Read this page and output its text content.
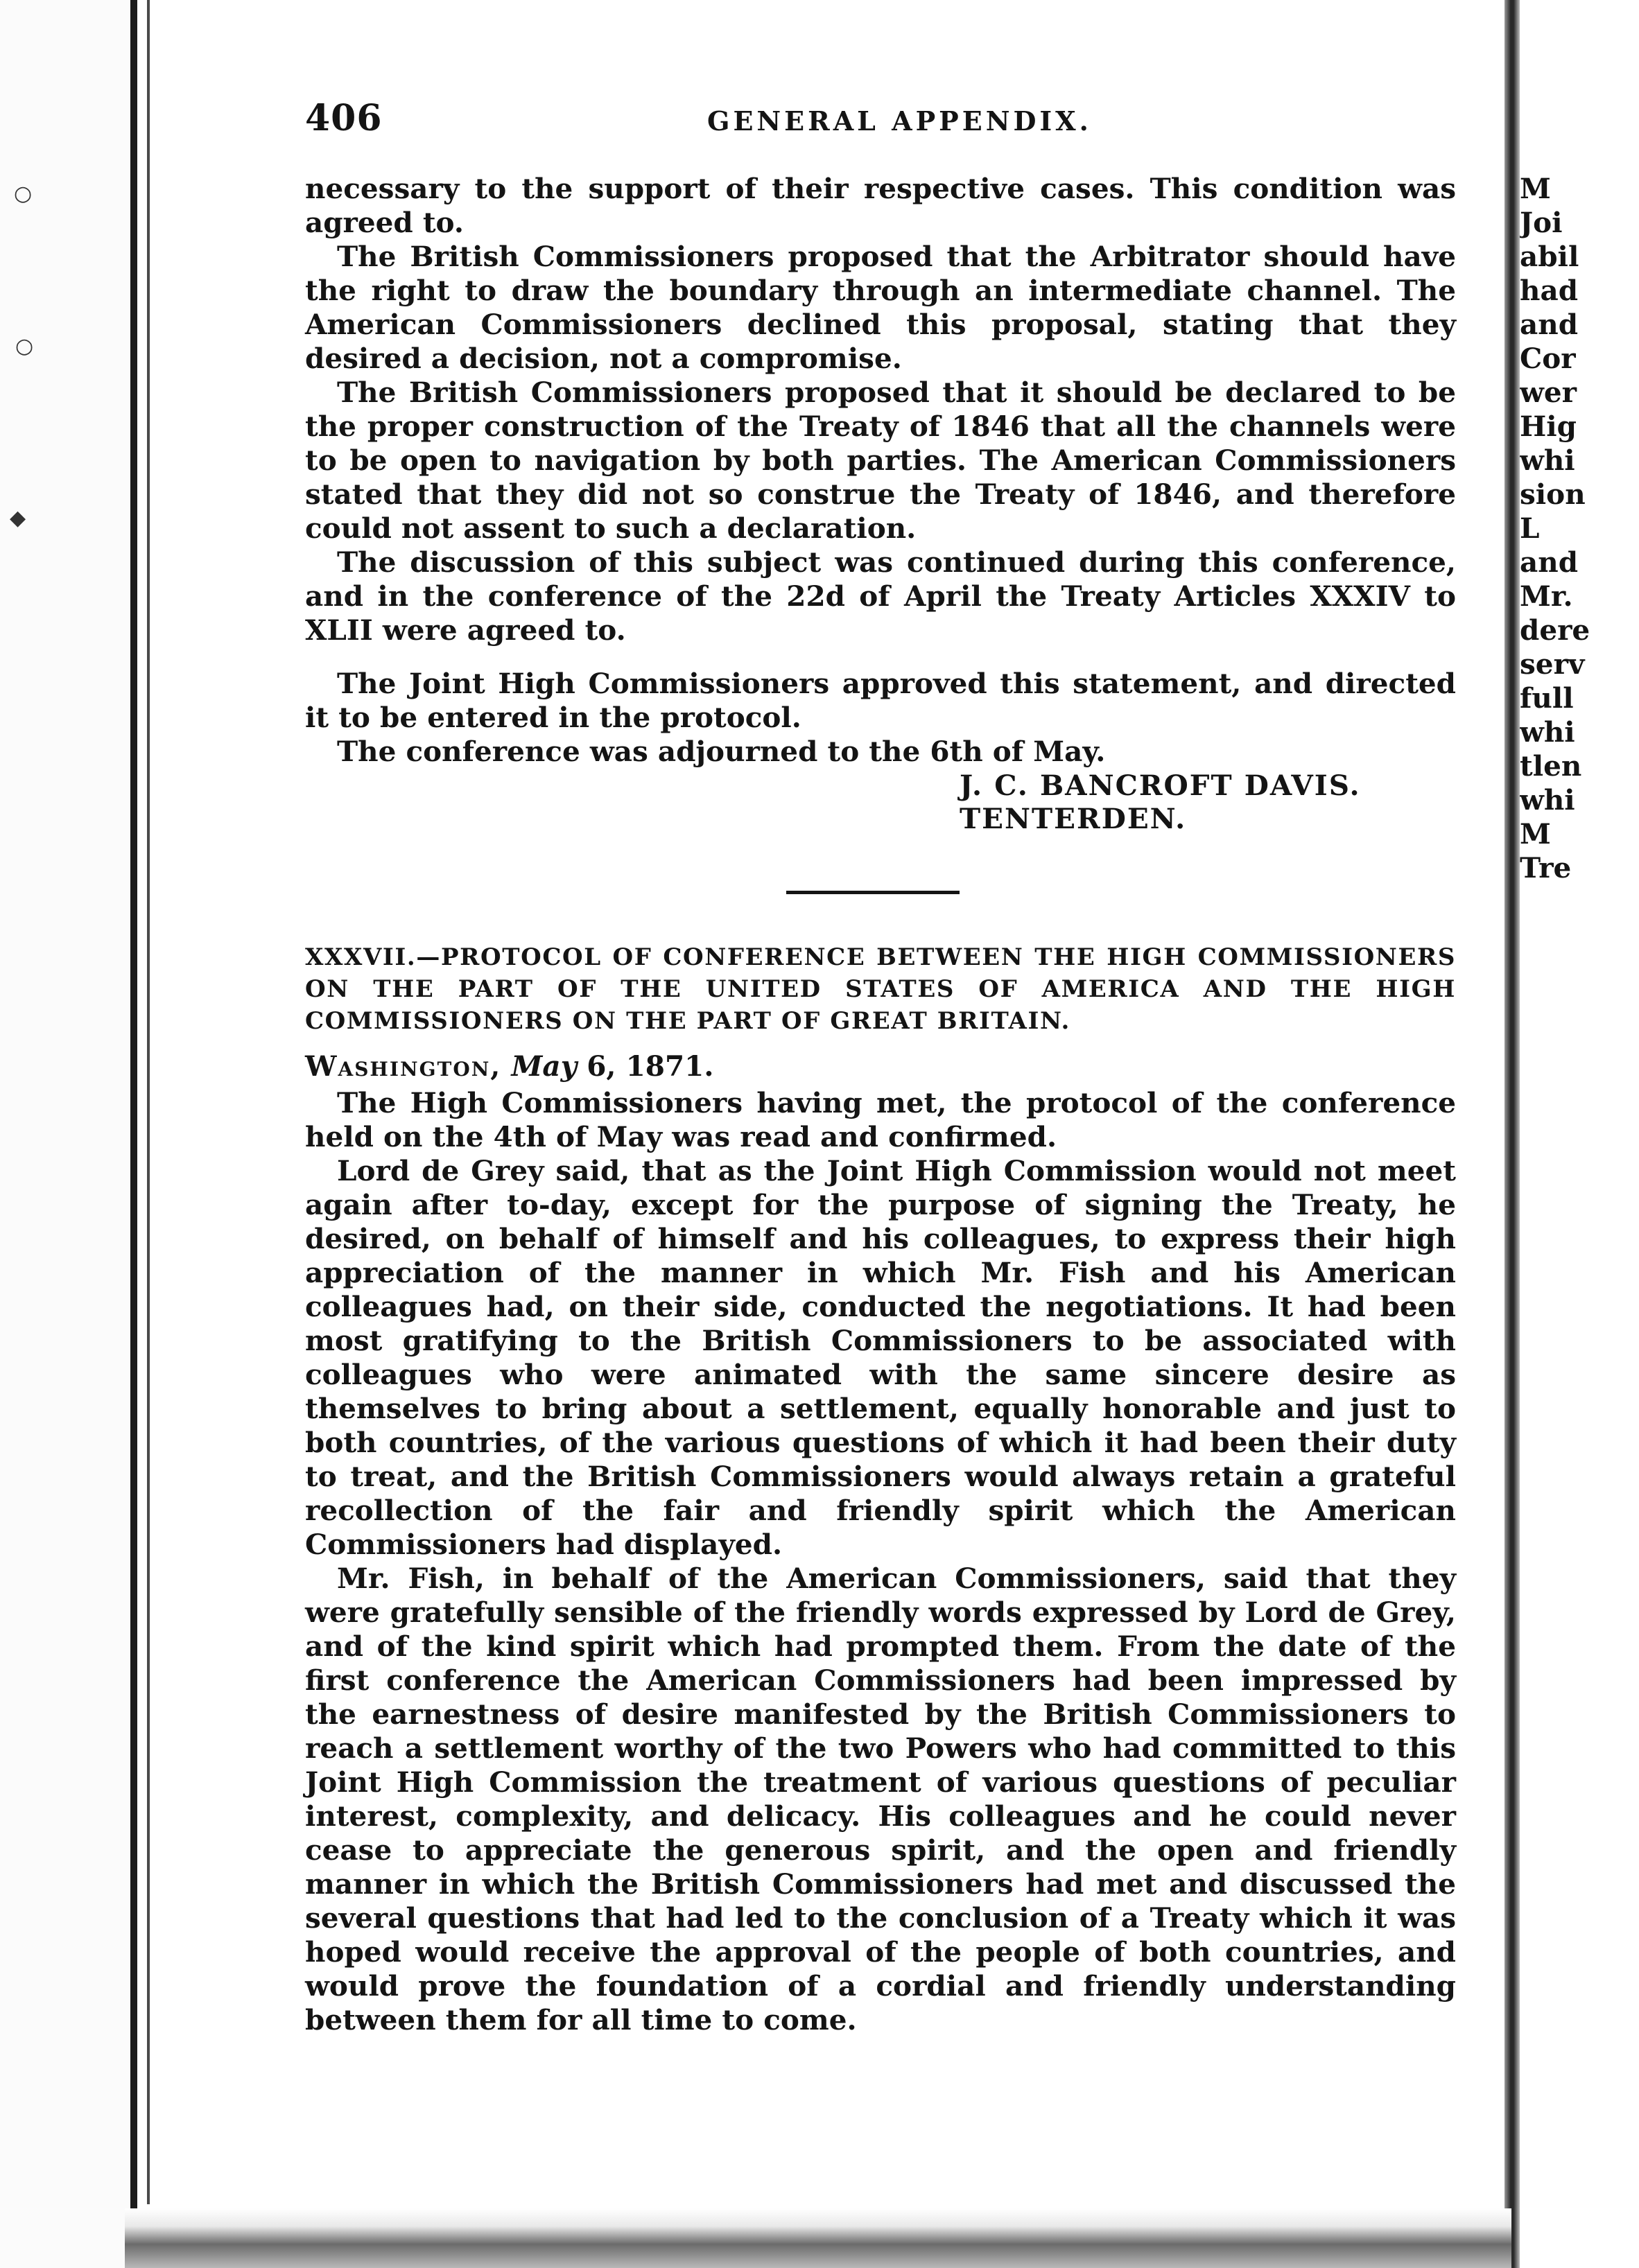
○
○
◆
406	GENERAL APPENDIX.

necessary to the support of their respective cases. This condition was agreed to.

The British Commissioners proposed that the Arbitrator should have the right to draw the boundary through an intermediate channel. The American Commissioners declined this proposal, stating that they desired a decision, not a compromise.

The British Commissioners proposed that it should be declared to be the proper construction of the Treaty of 1846 that all the channels were to be open to navigation by both parties. The American Commissioners stated that they did not so construe the Treaty of 1846, and therefore could not assent to such a declaration.

The discussion of this subject was continued during this conference, and in the conference of the 22d of April the Treaty Articles XXXIV to XLII were agreed to.

The Joint High Commissioners approved this statement, and directed it to be entered in the protocol.

The conference was adjourned to the 6th of May.

J. C. BANCROFT DAVIS.
TENTERDEN.

XXXVII.—PROTOCOL OF CONFERENCE BETWEEN THE HIGH COMMISSIONERS ON THE PART OF THE UNITED STATES OF AMERICA AND THE HIGH COMMISSIONERS ON THE PART OF GREAT BRITAIN.

Washington, May 6, 1871.

The High Commissioners having met, the protocol of the conference held on the 4th of May was read and confirmed.

Lord de Grey said, that as the Joint High Commission would not meet again after to-day, except for the purpose of signing the Treaty, he desired, on behalf of himself and his colleagues, to express their high appreciation of the manner in which Mr. Fish and his American colleagues had, on their side, conducted the negotiations. It had been most gratifying to the British Commissioners to be associated with colleagues who were animated with the same sincere desire as themselves to bring about a settlement, equally honorable and just to both countries, of the various questions of which it had been their duty to treat, and the British Commissioners would always retain a grateful recollection of the fair and friendly spirit which the American Commissioners had displayed.

Mr. Fish, in behalf of the American Commissioners, said that they were gratefully sensible of the friendly words expressed by Lord de Grey, and of the kind spirit which had prompted them. From the date of the first conference the American Commissioners had been impressed by the earnestness of desire manifested by the British Commissioners to reach a settlement worthy of the two Powers who had committed to this Joint High Commission the treatment of various questions of peculiar interest, complexity, and delicacy. His colleagues and he could never cease to appreciate the generous spirit, and the open and friendly manner in which the British Commissioners had met and discussed the several questions that had led to the conclusion of a Treaty which it was hoped would receive the approval of the people of both countries, and would prove the foundation of a cordial and friendly understanding between them for all time to come.

M
Joi
abil
had
and
Cor
wer
Hig
whi
sion
L
and
Mr.
dere
serv
full
whi
tlen
whi
M
Tre
